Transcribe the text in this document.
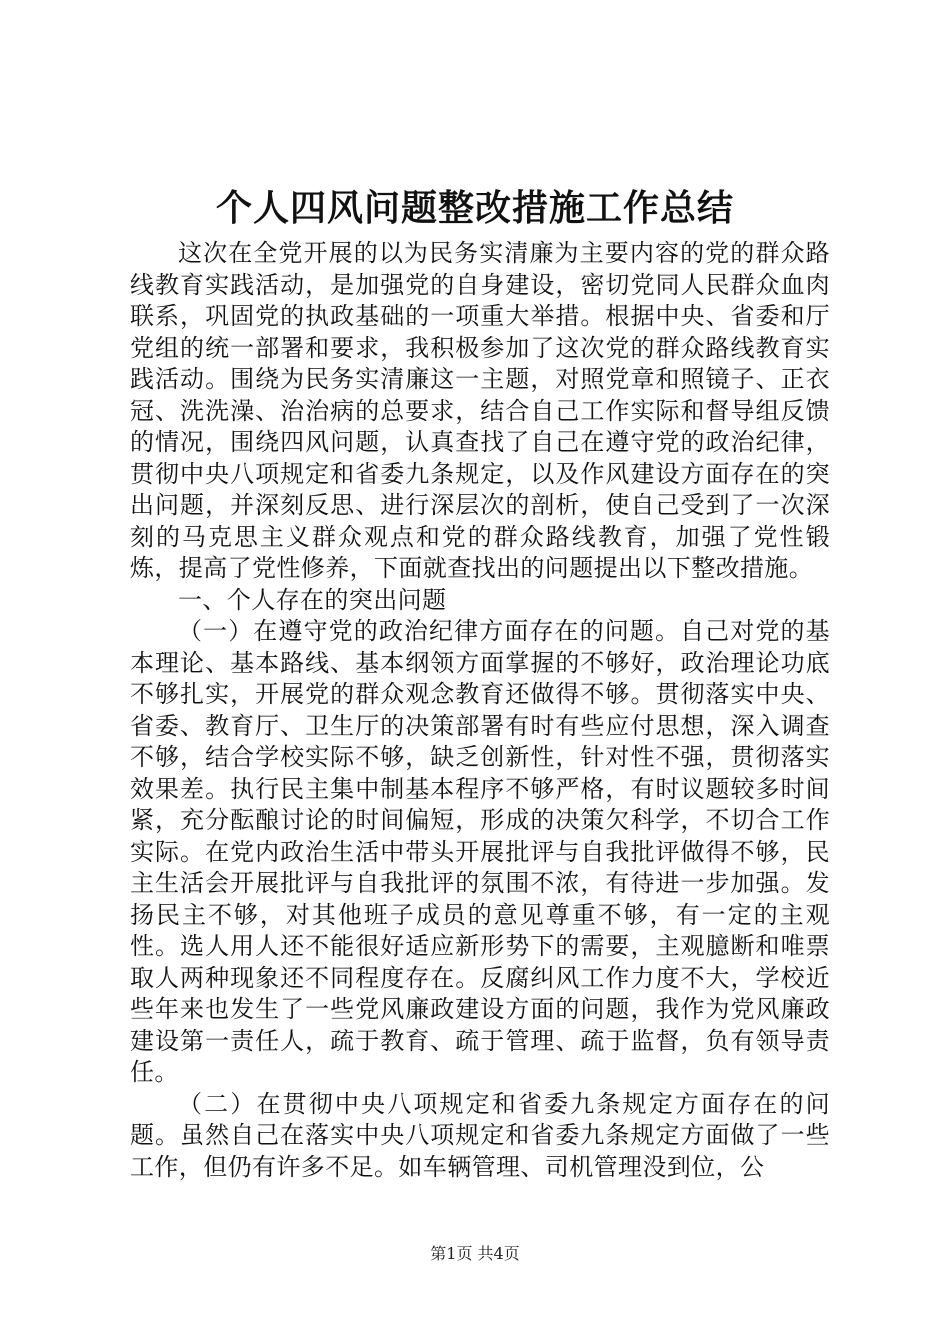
个人四风问题整改措施工作总结

这次在全党开展的以为民务实清廉为主要内容的党的群众路线教育实践活动，是加强党的自身建设，密切党同人民群众血肉联系，巩固党的执政基础的一项重大举措。根据中央、省委和厅党组的统一部署和要求，我积极参加了这次党的群众路线教育实践活动。围绕为民务实清廉这一主题，对照党章和照镜子、正衣冠、洗洗澡、治治病的总要求，结合自己工作实际和督导组反馈的情况，围绕四风问题，认真查找了自己在遵守党的政治纪律，贯彻中央八项规定和省委九条规定，以及作风建设方面存在的突出问题，并深刻反思、进行深层次的剖析，使自己受到了一次深刻的马克思主义群众观点和党的群众路线教育，加强了党性锻炼，提高了党性修养，下面就查找出的问题提出以下整改措施。

一、个人存在的突出问题

（一）在遵守党的政治纪律方面存在的问题。自己对党的基本理论、基本路线、基本纲领方面掌握的不够好，政治理论功底不够扎实，开展党的群众观念教育还做得不够。贯彻落实中央、省委、教育厅、卫生厅的决策部署有时有些应付思想，深入调查不够，结合学校实际不够，缺乏创新性，针对性不强，贯彻落实效果差。执行民主集中制基本程序不够严格，有时议题较多时间紧，充分酝酿讨论的时间偏短，形成的决策欠科学，不切合工作实际。在党内政治生活中带头开展批评与自我批评做得不够，民主生活会开展批评与自我批评的氛围不浓，有待进一步加强。发扬民主不够，对其他班子成员的意见尊重不够，有一定的主观性。选人用人还不能很好适应新形势下的需要，主观臆断和唯票取人两种现象还不同程度存在。反腐纠风工作力度不大，学校近些年来也发生了一些党风廉政建设方面的问题，我作为党风廉政建设第一责任人，疏于教育、疏于管理、疏于监督，负有领导责任。

（二）在贯彻中央八项规定和省委九条规定方面存在的问题。虽然自己在落实中央八项规定和省委九条规定方面做了一些工作，但仍有许多不足。如车辆管理、司机管理没到位，公

第1页 共4页
